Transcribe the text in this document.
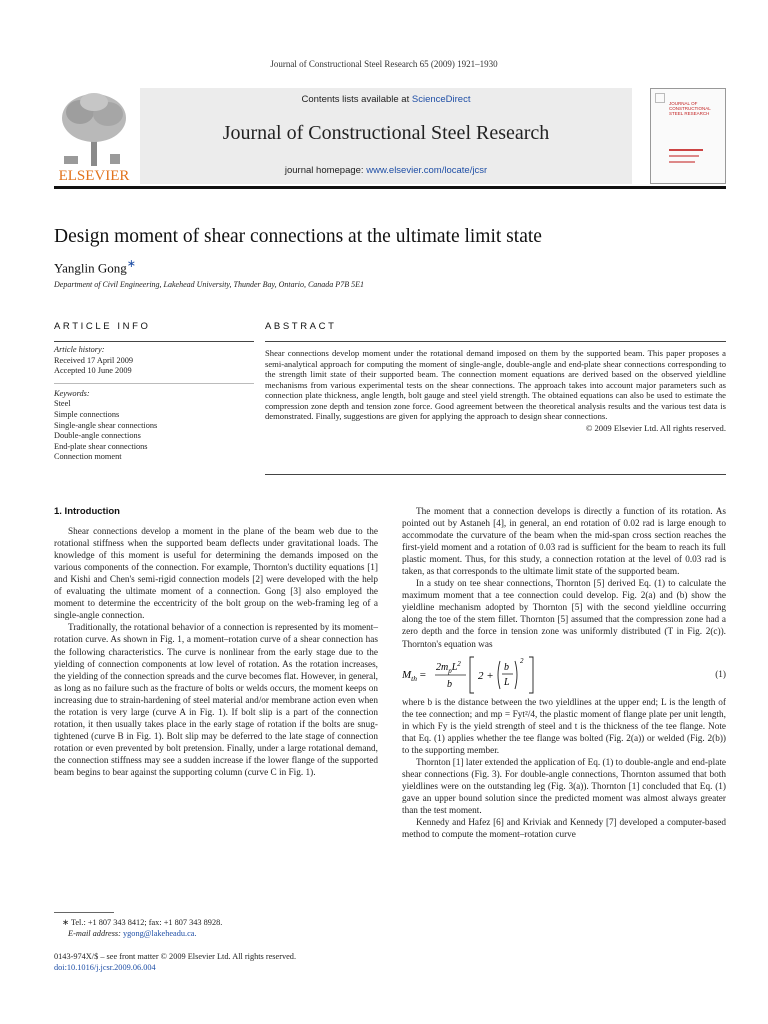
Journal of Constructional Steel Research 65 (2009) 1921–1930
ELSEVIER
Contents lists available at ScienceDirect
Journal of Constructional Steel Research
journal homepage: www.elsevier.com/locate/jcsr
JOURNAL OF CONSTRUCTIONAL STEEL RESEARCH
Design moment of shear connections at the ultimate limit state
Yanglin Gong∗
Department of Civil Engineering, Lakehead University, Thunder Bay, Ontario, Canada P7B 5E1
ARTICLE INFO	ABSTRACT
Article history:
Received 17 April 2009
Accepted 10 June 2009
Keywords:
Steel
Simple connections
Single-angle shear connections
Double-angle connections
End-plate shear connections
Connection moment
Shear connections develop moment under the rotational demand imposed on them by the supported beam. This paper proposes a semi-analytical approach for computing the moment of single-angle, double-angle and end-plate shear connections corresponding to the strength limit state of their supported beam. The connection moment equations are derived based on the observed yieldline mechanisms from various experimental tests on the shear connections. The approach takes into account major parameters such as connection plate thickness, angle length, bolt gauge and steel yield strength. The obtained equations can also be used to estimate the compression zone depth and tension zone force. Good agreement between the theoretical analysis results and the various test data is demonstrated. Finally, suggestions are given for applying the approach to design shear connections.
© 2009 Elsevier Ltd. All rights reserved.
1. Introduction

Shear connections develop a moment in the plane of the beam web due to the rotational stiffness when the supported beam deflects under gravitational loads. The knowledge of this moment is useful for determining the demands imposed on the various components of the connection. For example, Thornton's ductility equations [1] and Kishi and Chen's semi-rigid connection models [2] were developed with the help of evaluating the ultimate moment of a connection. Gong [3] also employed the moment to determine the eccentricity of the bolt group on the web-framing leg of a single-angle connection.

Traditionally, the rotational behavior of a connection is represented by its moment–rotation curve. As shown in Fig. 1, a moment–rotation curve of a shear connection has the following characteristics. The curve is nonlinear from the early stage due to the yielding of connection components at low level of rotation. As the rotation increases, the yielding of the connection spreads and the curve becomes flat. However, in general, as long as no failure such as the fracture of bolts or welds occurs, the moment keeps on increasing due to strain-hardening of steel material and/or membrane action even when the rotation is very large (curve A in Fig. 1). If bolt slip is a part of the connection rotation, it then usually takes place in the early stage of rotation if the bolts are snug-tightened (curve B in Fig. 1). Bolt slip may be deferred to the late stage of connection rotation or even prevented by bolt pretension. Finally, under a large rotational demand, the connection stiffness may see a sudden increase if the lower flange of the supported beam begins to bear against the supporting column (curve C in Fig. 1).

The moment that a connection develops is directly a function of its rotation. As pointed out by Astaneh [4], in general, an end rotation of 0.02 rad is large enough to accommodate the curvature of the beam when the mid-span cross section reaches the first-yield moment and a rotation of 0.03 rad is sufficient for the beam to reach its full plastic moment. Thus, for this study, a connection rotation at the level of 0.03 rad is taken, as that corresponds to the ultimate limit state of the supported beam.

In a study on tee shear connections, Thornton [5] derived Eq. (1) to calculate the maximum moment that a tee connection could develop. Fig. 2(a) and (b) show the yieldline mechanism adopted by Thornton [5] with the second yieldline occurring along the toe of the stem fillet. Thornton [5] assumed that the compression zone had a zero depth and the force in tension zone was uniformly distributed (T in Fig. 2(c)). Thornton's equation was

$M_{th}$ =
$2m_pL^2$
b
2 +
b
L
2
(1)

where b is the distance between the two yieldlines at the upper end; L is the length of the tee connection; and mp = Fyt²/4, the plastic moment of flange plate per unit length, in which Fy is the yield strength of steel and t is the thickness of the tee flange. Note that Eq. (1) applies whether the tee flange was bolted (Fig. 2(a)) or welded (Fig. 2(b)) to the supporting member.

Thornton [1] later extended the application of Eq. (1) to double-angle and end-plate shear connections (Fig. 3). For double-angle connections, Thornton assumed that both yieldlines were on the outstanding leg (Fig. 3(a)). Thornton [1] concluded that Eq. (1) gave an upper bound solution since the predicted moment was almost always greater than the test moment.

Kennedy and Hafez [6] and Kriviak and Kennedy [7] developed a computer-based method to compute the moment–rotation curve

∗ Tel.: +1 807 343 8412; fax: +1 807 343 8928.
E-mail address: ygong@lakeheadu.ca.
0143-974X/$ – see front matter © 2009 Elsevier Ltd. All rights reserved.
doi:10.1016/j.jcsr.2009.06.004
